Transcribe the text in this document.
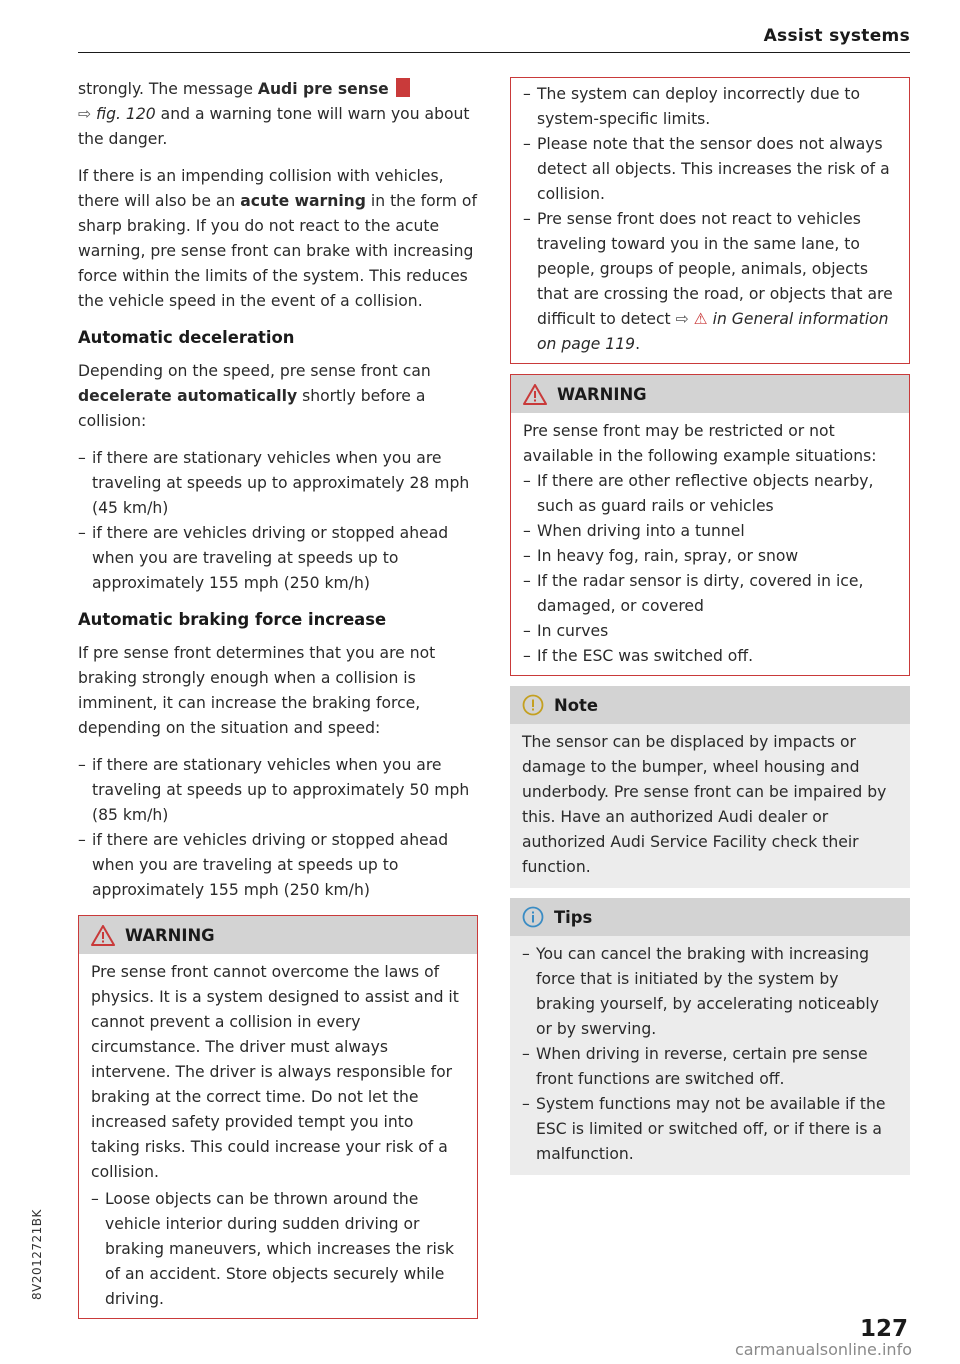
Assist systems

strongly. The message Audi pre sense
⇨ fig. 120 and a warning tone will warn you about the danger.

If there is an impending collision with vehicles, there will also be an acute warning in the form of sharp braking. If you do not react to the acute warning, pre sense front can brake with increasing force within the limits of the system. This reduces the vehicle speed in the event of a collision.

Automatic deceleration

Depending on the speed, pre sense front can decelerate automatically shortly before a collision:

– if there are stationary vehicles when you are traveling at speeds up to approximately 28 mph (45 km/h)
– if there are vehicles driving or stopped ahead when you are traveling at speeds up to approximately 155 mph (250 km/h)
Automatic braking force increase

If pre sense front determines that you are not braking strongly enough when a collision is imminent, it can increase the braking force, depending on the situation and speed:

– if there are stationary vehicles when you are traveling at speeds up to approximately 50 mph (85 km/h)
– if there are vehicles driving or stopped ahead when you are traveling at speeds up to approximately 155 mph (250 km/h)
WARNING

Pre sense front cannot overcome the laws of physics. It is a system designed to assist and it cannot prevent a collision in every circumstance. The driver must always intervene. The driver is always responsible for braking at the correct time. Do not let the increased safety provided tempt you into taking risks. This could increase your risk of a collision.

– Loose objects can be thrown around the vehicle interior during sudden driving or braking maneuvers, which increases the risk of an accident. Store objects securely while driving.
– The system can deploy incorrectly due to system-specific limits.
– Please note that the sensor does not always detect all objects. This increases the risk of a collision.
– Pre sense front does not react to vehicles traveling toward you in the same lane, to people, groups of people, animals, objects that are crossing the road, or objects that are difficult to detect ⇨ ⚠ in General information on page 119.
WARNING

Pre sense front may be restricted or not available in the following example situations:

– If there are other reflective objects nearby, such as guard rails or vehicles
– When driving into a tunnel
– In heavy fog, rain, spray, or snow
– If the radar sensor is dirty, covered in ice, damaged, or covered
– In curves
– If the ESC was switched off.
Note

The sensor can be displaced by impacts or damage to the bumper, wheel housing and underbody. Pre sense front can be impaired by this. Have an authorized Audi dealer or authorized Audi Service Facility check their function.

Tips
– You can cancel the braking with increasing force that is initiated by the system by braking yourself, by accelerating noticeably or by swerving.
– When driving in reverse, certain pre sense front functions are switched off.
– System functions may not be available if the ESC is limited or switched off, or if there is a malfunction.
8V2012721BK
127
carmanualsonline.info
